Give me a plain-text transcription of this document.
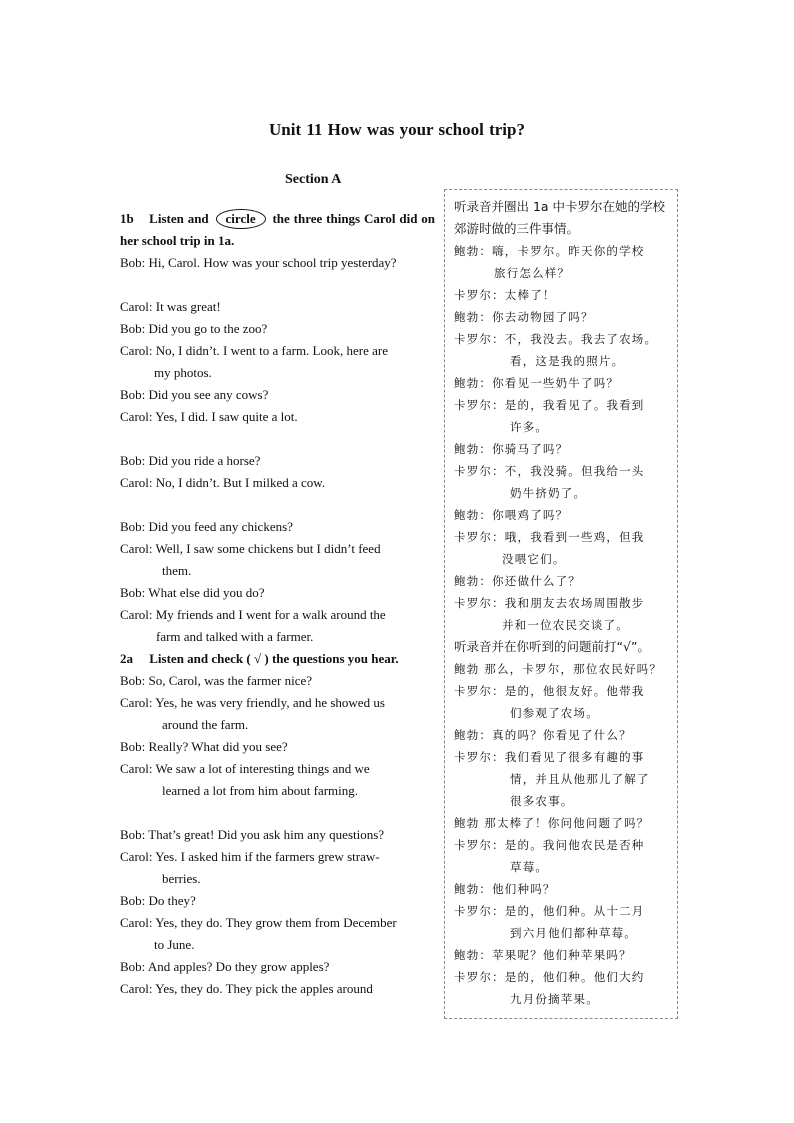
Unit 11 How was your school trip?
Section A
1b Listen and circle the three things Carol did on her school trip in 1a.
Bob: Hi, Carol. How was your school trip yesterday?
Carol: It was great!
Bob: Did you go to the zoo?
Carol: No, I didn’t. I went to a farm. Look, here are
my photos.
Bob: Did you see any cows?
Carol: Yes, I did. I saw quite a lot.
Bob: Did you ride a horse?
Carol: No, I didn’t. But I milked a cow.
Bob: Did you feed any chickens?
Carol: Well, I saw some chickens but I didn’t feed
them.
Bob: What else did you do?
Carol: My friends and I went for a walk around the
farm and talked with a farmer.
2a Listen and check ( √ ) the questions you hear.
Bob: So, Carol, was the farmer nice?
Carol: Yes, he was very friendly, and he showed us
around the farm.
Bob: Really? What did you see?
Carol: We saw a lot of interesting things and we
learned a lot from him about farming.
Bob: That’s great! Did you ask him any questions?
Carol: Yes. I asked him if the farmers grew straw-
berries.
Bob: Do they?
Carol: Yes, they do. They grow them from December
to June.
Bob: And apples? Do they grow apples?
Carol: Yes, they do. They pick the apples around
听录音并圈出 1a 中卡罗尔在她的学校郊游时做的三件事情。
鲍勃：嗨，卡罗尔。昨天你的学校
旅行怎么样？
卡罗尔：太棒了！
鲍勃：你去动物园了吗？
卡罗尔：不，我没去。我去了农场。
看，这是我的照片。
鲍勃：你看见一些奶牛了吗？
卡罗尔：是的，我看见了。我看到
许多。
鲍勃：你骑马了吗？
卡罗尔：不，我没骑。但我给一头
奶牛挤奶了。
鲍勃：你喂鸡了吗？
卡罗尔：哦，我看到一些鸡，但我
没喂它们。
鲍勃：你还做什么了？
卡罗尔：我和朋友去农场周围散步
并和一位农民交谈了。
听录音并在你听到的问题前打“√”。
鲍勃 那么，卡罗尔，那位农民好吗？
卡罗尔：是的，他很友好。他带我
们参观了农场。
鲍勃：真的吗？你看见了什么？
卡罗尔：我们看见了很多有趣的事
情，并且从他那儿了解了
很多农事。
鲍勃 那太棒了！你问他问题了吗？
卡罗尔：是的。我问他农民是否种
草莓。
鲍勃：他们种吗？
卡罗尔：是的，他们种。从十二月
到六月他们都种草莓。
鲍勃：苹果呢？他们种苹果吗？
卡罗尔：是的，他们种。他们大约
九月份摘苹果。
